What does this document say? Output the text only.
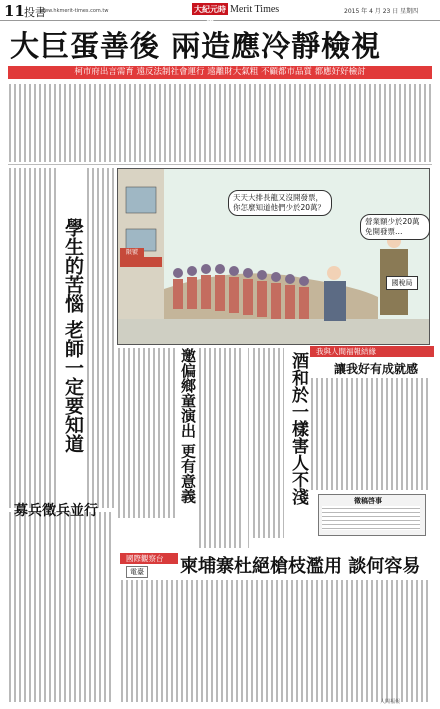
11 投書
www.hkmerit-times.com.tw	大紀元時報
Merit Times	2015 年 4 月 23 日 星期四
大巨蛋善後 兩造應冷靜檢視
柯市府出言需育 遠反法制社會運行 遠離財大氣粗 不顧都市品質 都應好好檢討
學生的苦惱 老師一定要知道
天天大排長龍又沒開發票，你怎麼知道他們少於20萬？
營業額少於20萬免開發票…
國稅局
限號
邀偏鄉童演出 更有意義	酒和於一樣害人不淺
我與人間福報結緣
讓我好有成就感
徵稿啓事
募兵徵兵並行
國際觀察台
電臺 柬埔寨杜絕槍枝濫用 談何容易
人間福報
